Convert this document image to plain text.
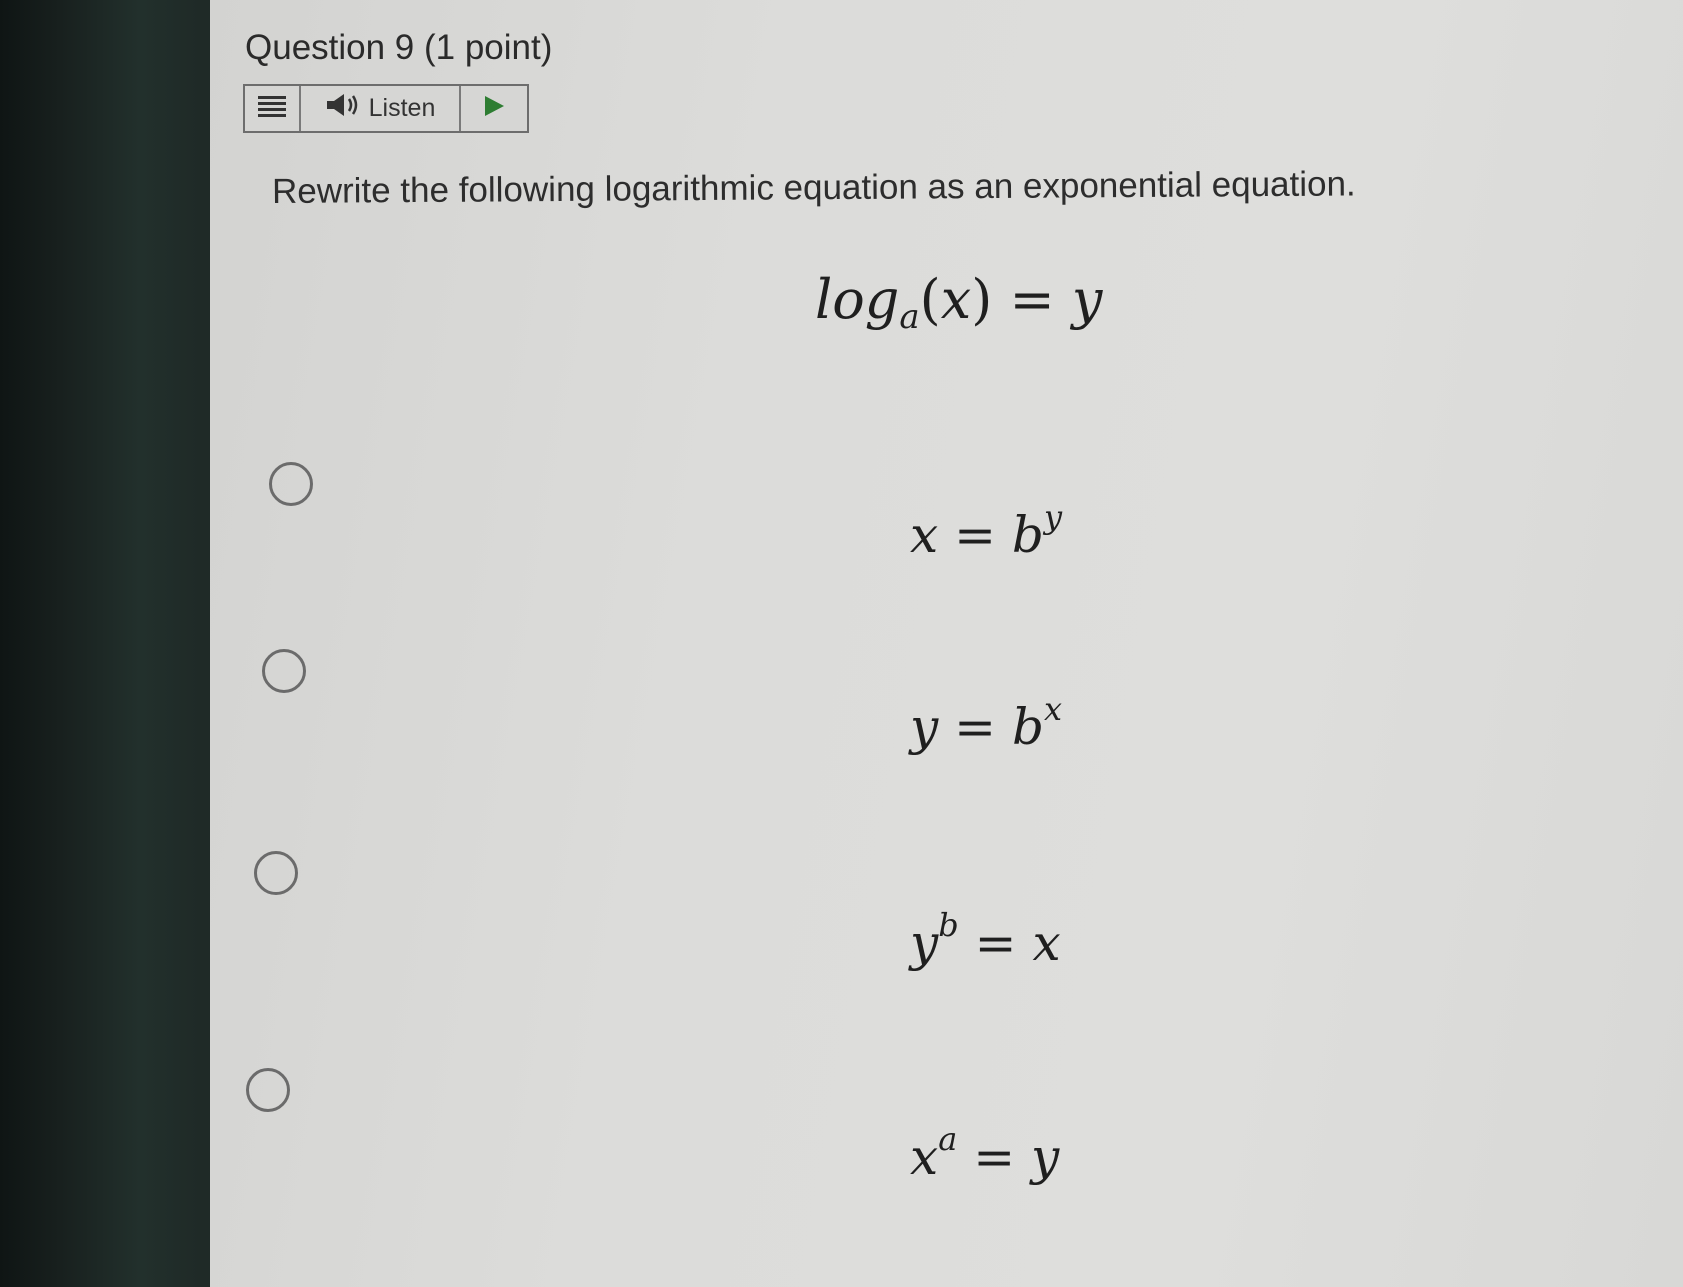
Question 9 (1 point)
Listen
Rewrite the following logarithmic equation as an exponential equation.
$\log_a(x) = y$
$x = b^y$
$y = b^x$
$y^b = x$
$x^a = y$
